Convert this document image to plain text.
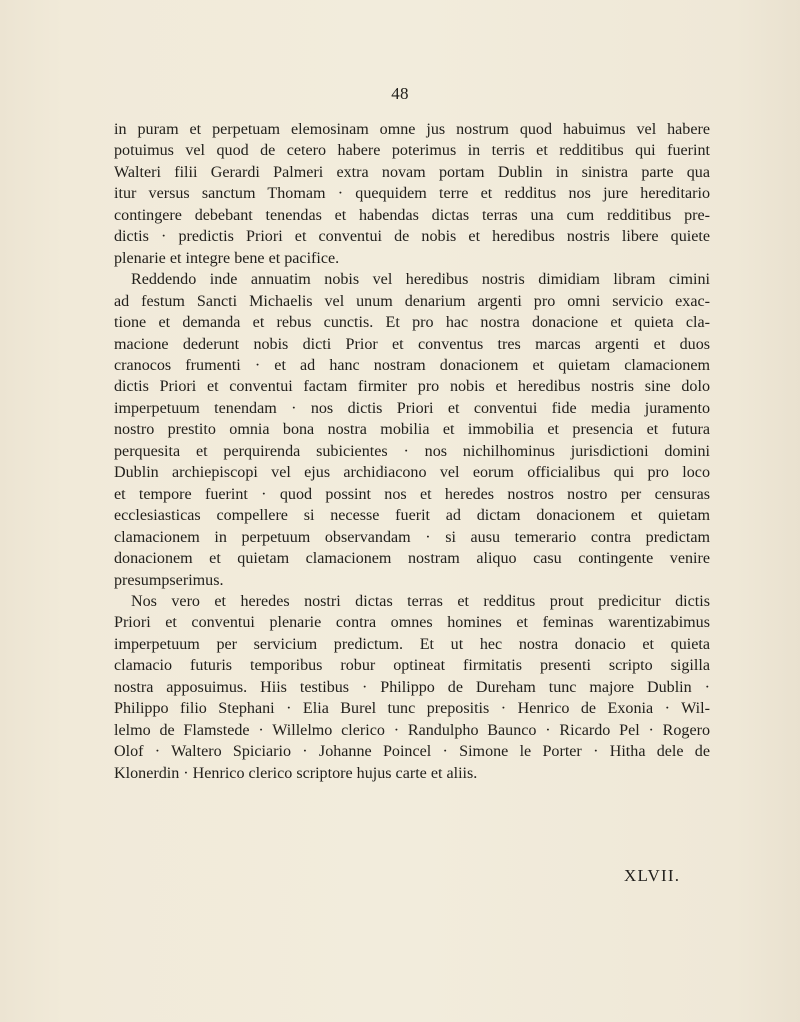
48
in puram et perpetuam elemosinam omne jus nostrum quod habuimus vel habere
potuimus vel quod de cetero habere poterimus in terris et redditibus qui fuerint
Walteri filii Gerardi Palmeri extra novam portam Dublin in sinistra parte qua
itur versus sanctum Thomam · quequidem terre et redditus nos jure hereditario
contingere debebant tenendas et habendas dictas terras una cum redditibus pre-
dictis · predictis Priori et conventui de nobis et heredibus nostris libere quiete
plenarie et integre bene et pacifice.
Reddendo inde annuatim nobis vel heredibus nostris dimidiam libram cimini
ad festum Sancti Michaelis vel unum denarium argenti pro omni servicio exac-
tione et demanda et rebus cunctis. Et pro hac nostra donacione et quieta cla-
macione dederunt nobis dicti Prior et conventus tres marcas argenti et duos
cranocos frumenti · et ad hanc nostram donacionem et quietam clamacionem
dictis Priori et conventui factam firmiter pro nobis et heredibus nostris sine dolo
imperpetuum tenendam · nos dictis Priori et conventui fide media juramento
nostro prestito omnia bona nostra mobilia et immobilia et presencia et futura
perquesita et perquirenda subicientes · nos nichilhominus jurisdictioni domini
Dublin archiepiscopi vel ejus archidiacono vel eorum officialibus qui pro loco
et tempore fuerint · quod possint nos et heredes nostros nostro per censuras
ecclesiasticas compellere si necesse fuerit ad dictam donacionem et quietam
clamacionem in perpetuum observandam · si ausu temerario contra predictam
donacionem et quietam clamacionem nostram aliquo casu contingente venire
presumpserimus.
Nos vero et heredes nostri dictas terras et redditus prout predicitur dictis
Priori et conventui plenarie contra omnes homines et feminas warentizabimus
imperpetuum per servicium predictum. Et ut hec nostra donacio et quieta
clamacio futuris temporibus robur optineat firmitatis presenti scripto sigilla
nostra apposuimus. Hiis testibus · Philippo de Dureham tunc majore Dublin ·
Philippo filio Stephani · Elia Burel tunc prepositis · Henrico de Exonia · Wil-
lelmo de Flamstede · Willelmo clerico · Randulpho Baunco · Ricardo Pel · Rogero
Olof · Waltero Spiciario · Johanne Poincel · Simone le Porter · Hitha dele de
Klonerdin · Henrico clerico scriptore hujus carte et aliis.
XLVII.
